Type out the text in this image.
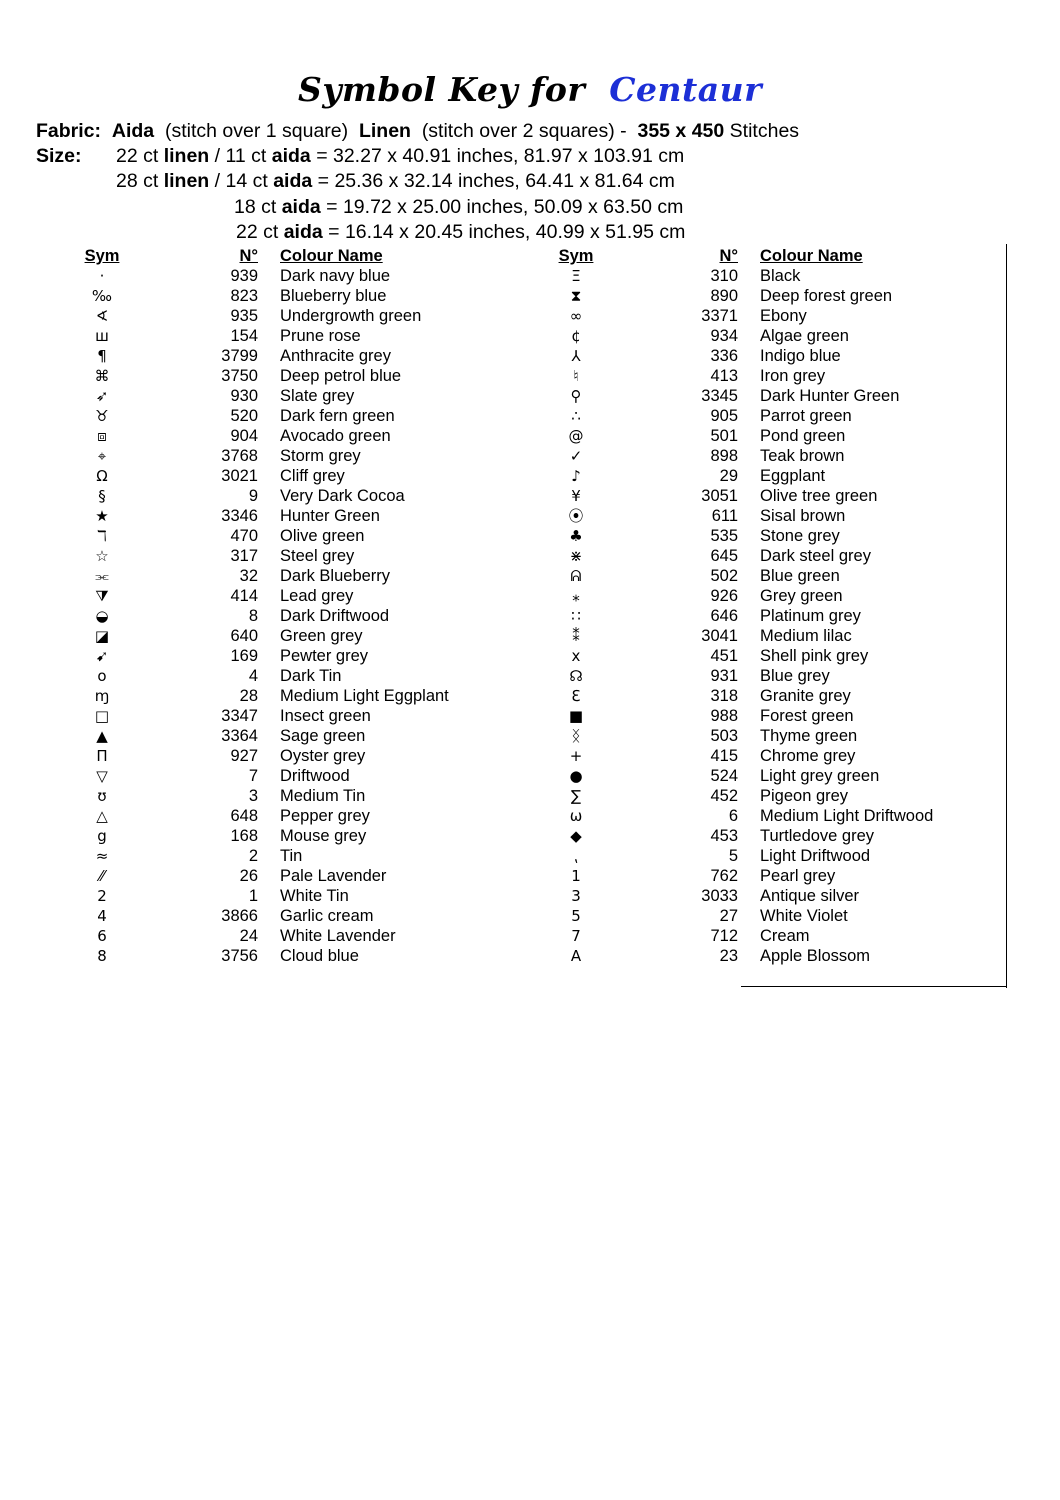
Symbol Key for Centaur
Fabric: Aida (stitch over 1 square) Linen (stitch over 2 squares) - 355 x 450 Stitches
Size: 22 ct linen / 11 ct aida = 32.27 x 40.91 inches, 81.97 x 103.91 cm
28 ct linen / 14 ct aida = 25.36 x 32.14 inches, 64.41 x 81.64 cm
18 ct aida = 19.72 x 25.00 inches, 50.09 x 63.50 cm
22 ct aida = 16.14 x 20.45 inches, 40.99 x 51.95 cm
Sym	N°	Colour Name
·	939	Dark navy blue
‰	823	Blueberry blue
∢	935	Undergrowth green
ш	154	Prune rose
¶	3799	Anthracite grey
⌘	3750	Deep petrol blue
➶	930	Slate grey
♉	520	Dark fern green
⧈	904	Avocado green
⌖	3768	Storm grey
Ω	3021	Cliff grey
§	9	Very Dark Cocoa
★	3346	Hunter Green
ℸ	470	Olive green
☆	317	Steel grey
⫘	32	Dark Blueberry
⧩	414	Lead grey
◒	8	Dark Driftwood
◪	640	Green grey
➹	169	Pewter grey
o	4	Dark Tin
ɱ	28	Medium Light Eggplant
□	3347	Insect green
▲	3364	Sage green
Π	927	Oyster grey
▽	7	Driftwood
ʊ	3	Medium Tin
△	648	Pepper grey
g	168	Mouse grey
≈	2	Tin
⁄⁄	26	Pale Lavender
2	1	White Tin
4	3866	Garlic cream
6	24	White Lavender
8	3756	Cloud blue
Sym	N°	Colour Name
Ξ	310	Black
⧗	890	Deep forest green
∞	3371	Ebony
¢	934	Algae green
⅄	336	Indigo blue
♮	413	Iron grey
⚲	3345	Dark Hunter Green
∴	905	Parrot green
@	501	Pond green
✓	898	Teak brown
♪	29	Eggplant
¥	3051	Olive tree green
⦿	611	Sisal brown
♣	535	Stone grey
⋇	645	Dark steel grey
ᕱ	502	Blue green
⁎	926	Grey green
∷	646	Platinum grey
⁑	3041	Medium lilac
x	451	Shell pink grey
☊	931	Blue grey
ℇ	318	Granite grey
■	988	Forest green
ᛝ	503	Thyme green
+	415	Chrome grey
●	524	Light grey green
∑	452	Pigeon grey
ω	6	Medium Light Driftwood
◆	453	Turtledove grey
⹁	5	Light Driftwood
1	762	Pearl grey
3	3033	Antique silver
5	27	White Violet
7	712	Cream
A	23	Apple Blossom
